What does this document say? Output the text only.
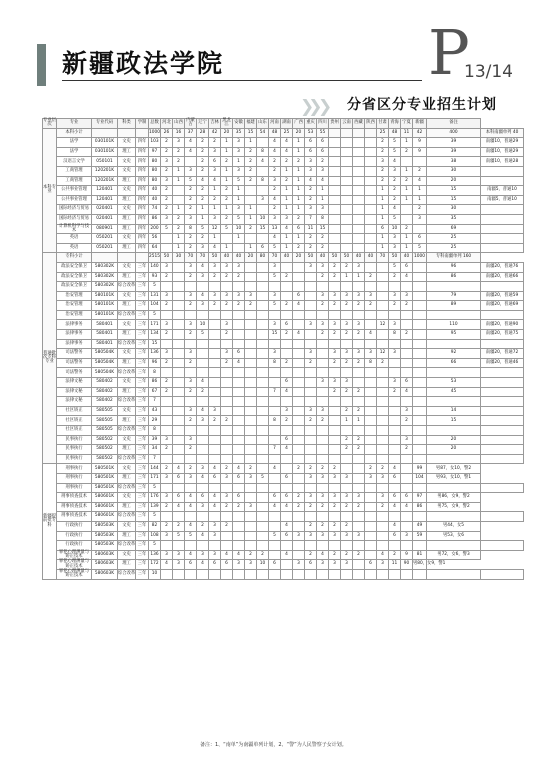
新疆政法学院	P
13/14
❯❯ ❯ 分省区分专业招生计划
专业层次	专业	专业代码	科类	学制	总数	河北	山西	内蒙古	辽宁	吉林	黑龙江	安徽	福建	山东	河南	湖南	广西	重庆	四川	贵州	云南	西藏	陕西	甘肃	青海	宁夏	新疆	备注	
本科专业	本科小计				1000	26	16	37	28	42	20	35	15	54	48	25	20	53	55					25	48	11	42	400	本科南疆单列 40
	法学	030101K	文史	四年	103	2	3	4	2	2	1	3	1		4	4	1	6	6					2	5	1	9	39	南疆10，普通29
	法学	030101K	理工	四年	97	2	2	4	2	3	1	3	2	8	4	4	1	6	6					2	5	2	9	39	南疆10，普通29
	汉语言文学	050101	文史	四年	80	3	2		2	6	2	1	2	4	2	2	2	3	2					3	4			38	南疆10，普通28
	工商管理	120201K	文史	四年	80	2	1	3	2	3	1	3	2		2	1	1	3	3					2	3	1	2	30	
	工商管理	120201K	理工	四年	80	3	1	5	4	4	1	5	2	8	3	2	1	4	4					2	2	2	4	20	
	公共事业管理	120401	文史	四年	40	2		2	2	1	2	1			2	1	1	2	1					1	2	1	1	15	南疆5，普通10
	公共事业管理	120401	理工	四年	40	2		2	2	2	2	1		3	4	1	1	2	1					1	2	1	1	15	南疆5，普通10
	国际经济与贸易	020401	文史	四年	74	2	1	2	1	1	1	3	1		2	1	1	3	3					1	4		2	30	
	国际经济与贸易	020401	理工	四年	86	3	2	3	1	3	2	5	1	10	3	3	2	7	8					1	5		3	35	
	计算机科学与技术	080901	理工	四年	200	5	2	8	5	12	5	10	2	15	13	4	6	11	15					6	10	2		69	
	英语	050201	文史	四年	56		1	2	2	1		1			4	1	1	2	2					1	3	1	6	25	
	英语	050201	理工	四年	64		1	2	3	4	1		1	6	5	1	2	2	2					1	3	1	5	25	
普通批次专科专业	专科小计				2515	50	30	70	70	50	40	40	20	80	70	40	20	50	40	50	50	40	40	70	50	40	1000	专科南疆单列 160	
	政法安全保卫	580302K	文史	三年	140	3		3	4	3	3	3			3			3	3	2	2	3			5	6		96	南疆20，普通76
	政法安全保卫	580302K	理工	三年	93	2		2	3	2	2	2			5	2			2	2	1	1	2		2	4		86	南疆20，普通66
	政法安全保卫	580302K	综合改革	三年	5																								
	治安管理	580101K	文史	三年	131	3		3	4	3	3	3	3		3		6		3	3	3	3	3		3	3		79	南疆20，普通59
	治安管理	580101K	理工	三年	104	2		2	3	2	2	2	2		5	2	4		2	2	2	2	2		2	2		89	南疆20，普通69
	治安管理	580101K	综合改革	三年	5																								
	法律事务	580401	文史	三年	171	3		3	10		3				3	6		3	3	3	3	3		12	3			110	南疆20，普通90
	法律事务	580401	理工	三年	134	2		2	5		2				15	2	4		2	2	2	2	4		8	2		95	南疆20，普通75
	法律事务	580401	综合改革	三年	15																								
	司法警务	580504K	文史	三年	136	3		3			3	6			3			3		3	3	3	3	12	3			92	南疆20，普通72
	司法警务	580504K	理工	三年	96	2		2			2	4			8	2		2		2	2	2	8	2				66	南疆20，普通46
	司法警务	580504K	综合改革	三年	8																								
	法律文秘	580402	文史	三年	86	2		3	4							6			3	3	3				3	6		53	
	法律文秘	580402	理工	三年	67	2		2	2						7	4				2	2	2			2	4		45	
	法律文秘	580402	综合改革	三年	7																								
	社区矫正	580505	文史	三年	43			3	4	3						3		3	3		2	2				3		14	
	社区矫正	580505	理工	三年	29			2	3	2	2				8	2		2	2		1	1				2		15	
	社区矫正	580505	综合改革	三年	8																								
	民事执行	580502	文史	三年	39	3		3								6					2	2				3		20	
	民事执行	580502	理工	三年	34	2		2							7	4					2	2				2		20	
	民事执行	580502	综合改革	三年	7																								
新疆提前批专科	刑事执行	580501K	文史	三年	144	2	4	2	3	4	2	4	2		4		2	2	2	2			2	2	4		99	男87，女10，警2	
	刑事执行	580501K	理工	三年	171	3	6	3	4	6	3	6	3	5		6		3	3	3	3		3	3	6		104	男93，女10，警1	
	刑事执行	580501K	综合改革	三年	5																								
	刑事侦查技术	580601K	文史	三年	176	3	6	4	6	4	3	6			6	6	2	3	3	3	3	3		3	6	6	97	男86，女9，警2	
	刑事侦查技术	580601K	理工	三年	139	2	4	4	3	4	2	2	3		4	4	2	2	2	2	2	2		2	4	4	86	男75，女9，警2	
	刑事侦查技术	580601K	综合改革	三年	5																								
	行政执行	580503K	文史	三年	82	2	2	4	2	3	2					4		2	2	2	2				4		49	男44，女5	
	行政执行	580503K	理工	三年	108	3	5	5	4	3					5	6	3	3	3	3	3	3			6	3	59	男53，女6	
	行政执行	580503K	综合改革	三年	5																								
	罪犯心理测量与矫正技术	580603K	文史	三年	136	3	3	4	3	3	4	4	2	2		4		2	4	2	2	2		4	2	9	81	男72，女6，警3	
	罪犯心理测量与矫正技术	580603K	理工	三年	172	4	3	6	4	6	6	3	3	10	6		3	6	3	3	3		6	3	11	90	男80，女9，警1		
	罪犯心理测量与矫正技术	580603K	综合改革	三年	10																								
备注：1、“南单”为南疆单列计划，2、“警”为人民警察子女计划。
